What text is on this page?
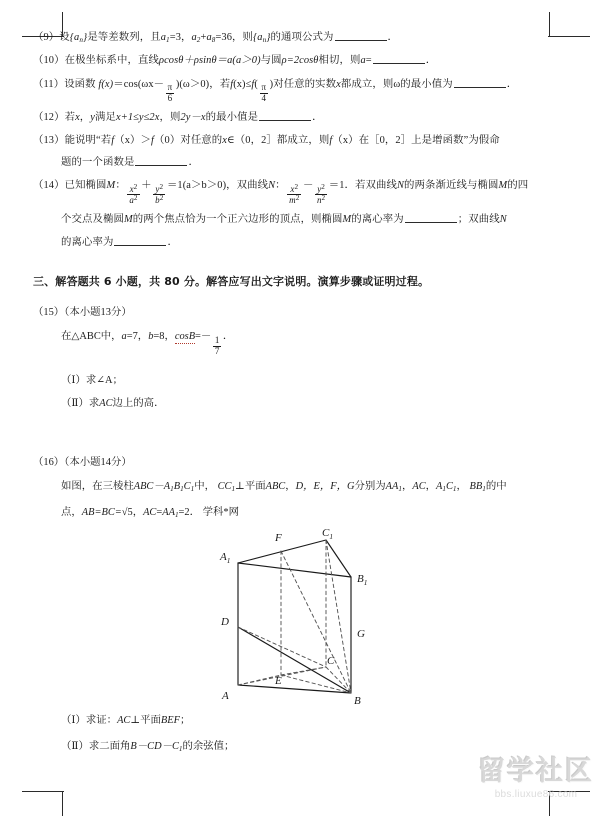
（9）设$\{a_n\}$是等差数列，且$a_1=3$，$a_2+a_8=36$，则$\{a_n\}$的通项公式为	．
（10）在极坐标系中，直线ρcosθ＋ρsinθ＝a(a＞0)与圆ρ=2cosθ相切，则a=	．
（11）设函数 $f(x)=\cos(\omega x- \frac{\pi}{6} )(\omega>0)$，若$f(x)\le f( \frac{\pi}{4}$ )对任意的实数x都成立，则ω的最小值为	．
（12）若x，y满足x+1≤y≤2x，则2y－x的最小值是	．
（13）能说明“若f（x）＞f（0）对任意的x∈（0，2］都成立，则f（x）在［0，2］上是增函数”为假命
题的一个函数是	．
（14）已知椭圆M： $\frac{x^2}{a^2} + \frac{y^2}{b^2} =1(a>b>0)$，双曲线N： $\frac{x^2}{m^2} - \frac{y^2}{n^2} =1$．若双曲线N的两条渐近线与椭圆M的四
个交点及椭圆M的两个焦点恰为一个正六边形的顶点，则椭圆M的离心率为	；双曲线N
的离心率为	．
三、解答题共 6 小题，共 80 分。解答应写出文字说明。演算步骤或证明过程。
（15）（本小题13分）
在△ABC中，a=7，b=8，$\cos B=- \frac{1}{7}$ ．
（Ⅰ）求∠A；
（Ⅱ）求AC边上的高．
（16）（本小题14分）
如图，在三棱柱$ABC-A_1B_1C_1$中， $CC_1\perp$平面ABC，D，E，F，G分别为$AA_1$，AC，$A_1C_1$， $BB_1$的中
点，AB=BC=√5，$AC=AA_1=2$． 学科*网
$A_1$
F	$C_1$
$B_1$
D
G
C
E
A	B
（Ⅰ）求证：AC⊥平面BEF；
（Ⅱ）求二面角$B-CD-C_1$的余弦值；
留学社区
bbs.liuxue86.com
